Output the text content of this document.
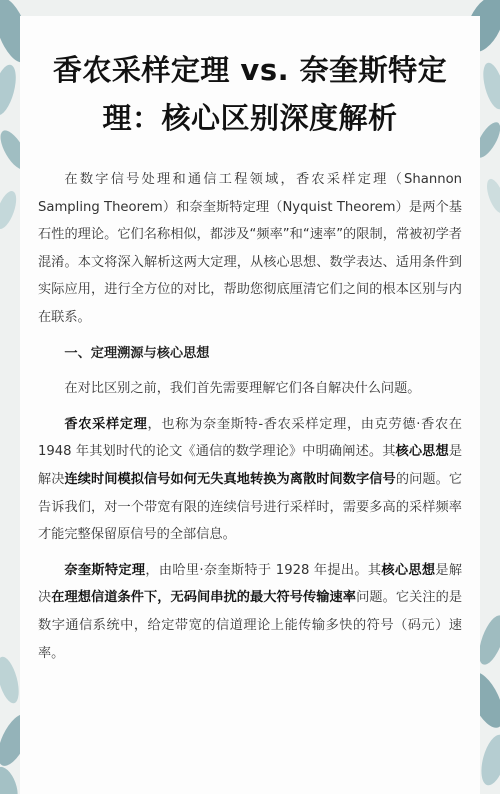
香农采样定理 vs. 奈奎斯特定理：核心区别深度解析

在数字信号处理和通信工程领域，香农采样定理（Shannon Sampling Theorem）和奈奎斯特定理（Nyquist Theorem）是两个基石性的理论。它们名称相似，都涉及“频率”和“速率”的限制，常被初学者混淆。本文将深入解析这两大定理，从核心思想、数学表达、适用条件到实际应用，进行全方位的对比，帮助您彻底厘清它们之间的根本区别与内在联系。

一、定理溯源与核心思想

在对比区别之前，我们首先需要理解它们各自解决什么问题。

香农采样定理，也称为奈奎斯特-香农采样定理，由克劳德·香农在 1948 年其划时代的论文《通信的数学理论》中明确阐述。其核心思想是解决连续时间模拟信号如何无失真地转换为离散时间数字信号的问题。它告诉我们，对一个带宽有限的连续信号进行采样时，需要多高的采样频率才能完整保留原信号的全部信息。

奈奎斯特定理，由哈里·奈奎斯特于 1928 年提出。其核心思想是解决在理想信道条件下，无码间串扰的最大符号传输速率问题。它关注的是数字通信系统中，给定带宽的信道理论上能传输多快的符号（码元）速率。
